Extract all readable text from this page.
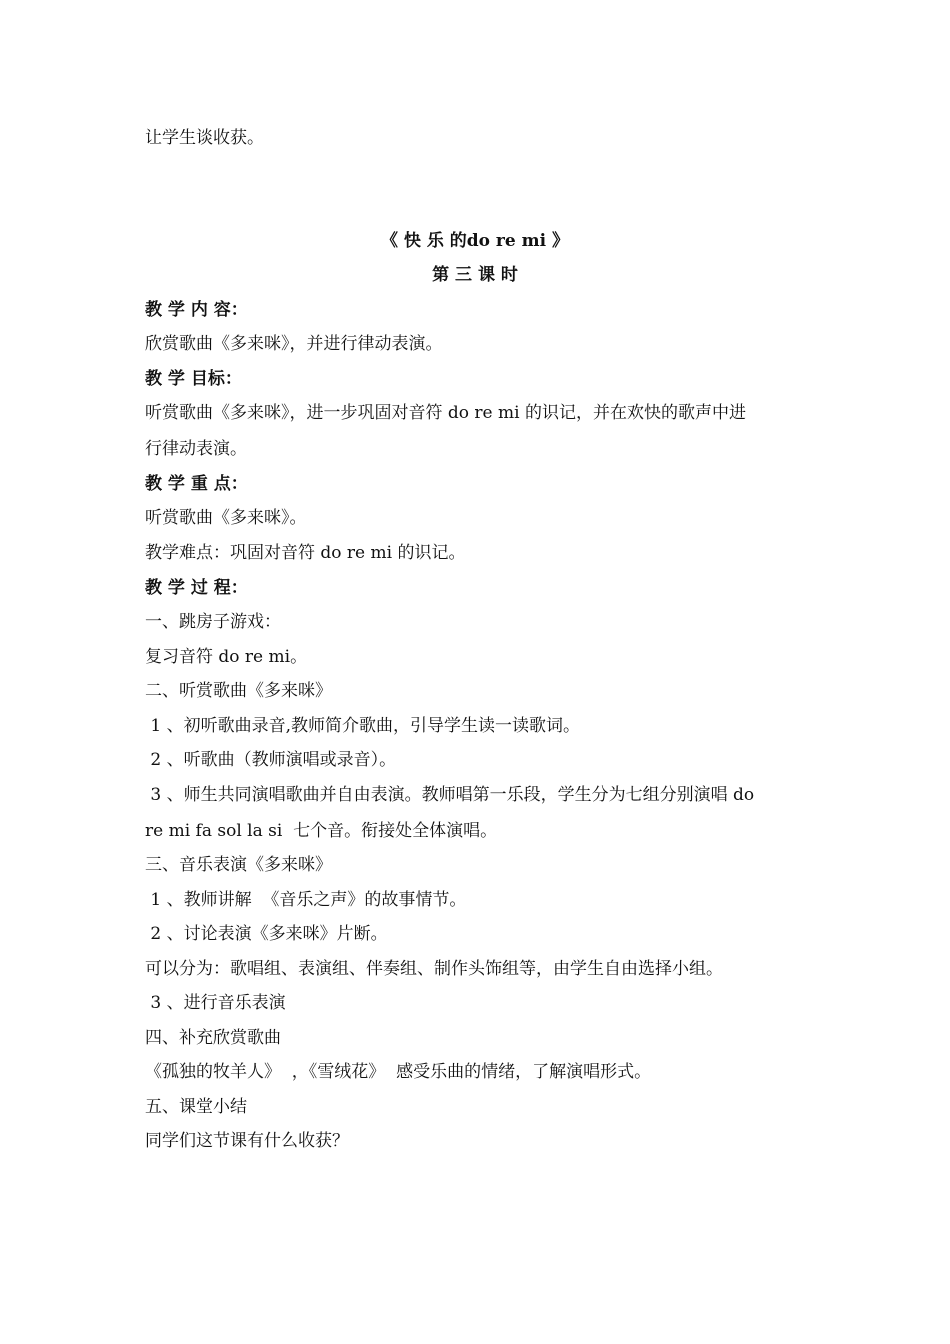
让学生谈收获。
《 快 乐 的do re mi 》
第 三 课 时
教 学 内 容：
欣赏歌曲《多来咪》，并进行律动表演。
教 学 目标：
听赏歌曲《多来咪》，进一步巩固对音符 do re mi 的识记，并在欢快的歌声中进
行律动表演。
教 学 重 点：
听赏歌曲《多来咪》。
教学难点：巩固对音符 do re mi 的识记。
教 学 过 程：
一、跳房子游戏：
复习音符 do re mi。
二、听赏歌曲《多来咪》
1 、初听歌曲录音,教师简介歌曲，引导学生读一读歌词。
2 、听歌曲（教师演唱或录音）。
3 、师生共同演唱歌曲并自由表演。教师唱第一乐段，学生分为七组分别演唱 do
re mi fa sol la si  七个音。衔接处全体演唱。
三、音乐表演《多来咪》
1 、教师讲解  《音乐之声》的故事情节。
2 、讨论表演《多来咪》片断。
可以分为：歌唱组、表演组、伴奏组、制作头饰组等，由学生自由选择小组。
3 、进行音乐表演
四、补充欣赏歌曲
《孤独的牧羊人》  ，《雪绒花》  感受乐曲的情绪，了解演唱形式。
五、课堂小结
同学们这节课有什么收获？
